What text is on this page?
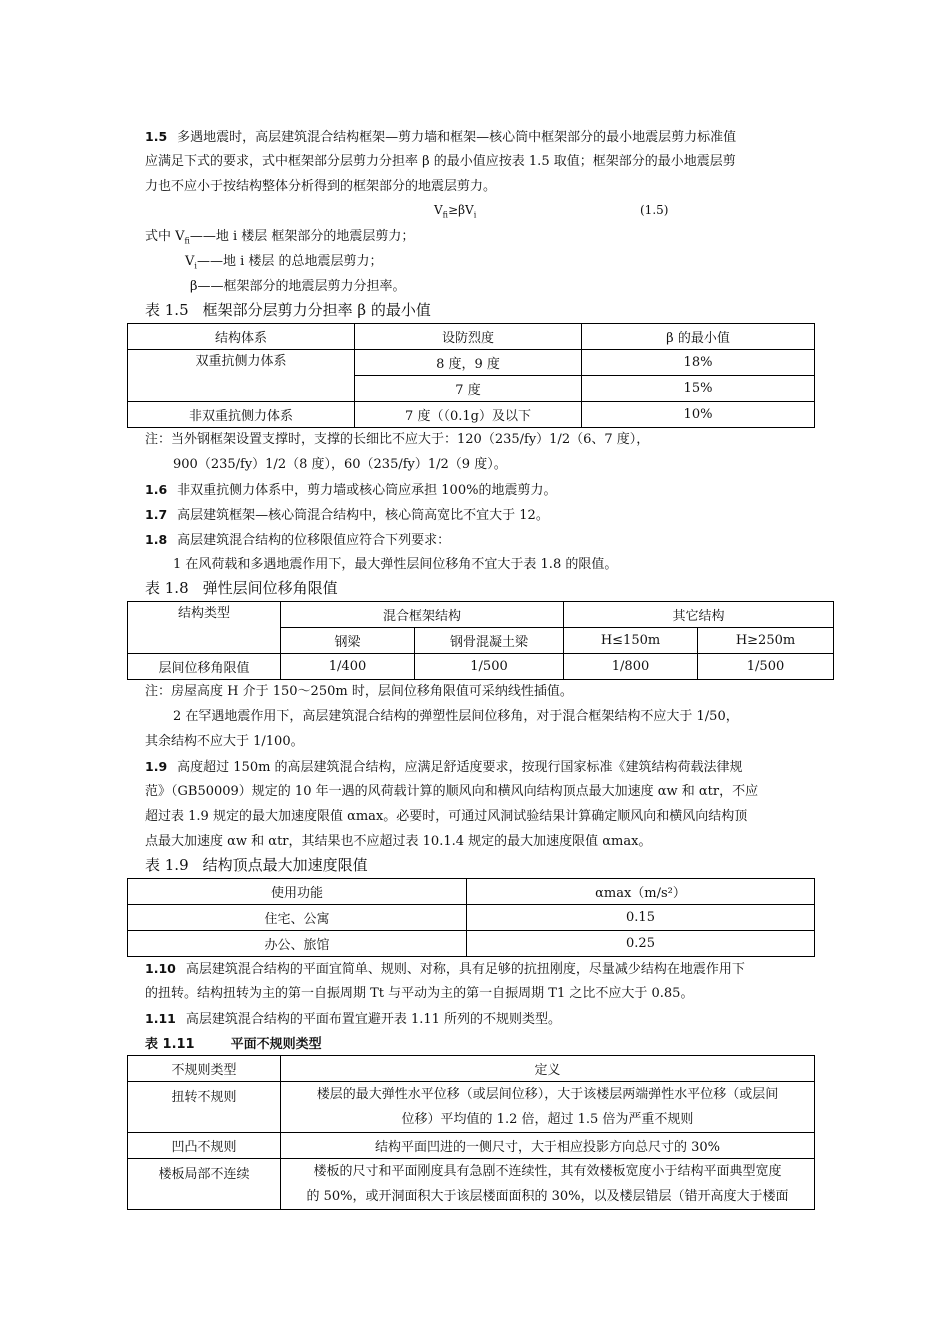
1.5 多遇地震时，高层建筑混合结构框架—剪力墙和框架—核心筒中框架部分的最小地震层剪力标准值
应满足下式的要求，式中框架部分层剪力分担率 β 的最小值应按表 1.5 取值；框架部分的最小地震层剪
力也不应小于按结构整体分析得到的框架部分的地震层剪力。
$V_{fi}\ge\beta V_i$	(1.5)
式中 $V_{fi}——$地 i 楼层 框架部分的地震层剪力；
$V_i——$地 i 楼层 的总地震层剪力；
β——框架部分的地震层剪力分担率。
表 1.5 框架部分层剪力分担率 β 的最小值
结构体系	设防烈度	β 的最小值
双重抗侧力体系	8 度，9 度	18%
	7 度	15%
非双重抗侧力体系	7 度（（0.1g）及以下	10%
注：当外钢框架设置支撑时，支撑的长细比不应大于：120（235/fy）1/2（6、7 度），
900（235/fy）1/2（8 度），60（235/fy）1/2（9 度）。
1.6 非双重抗侧力体系中，剪力墙或核心筒应承担 100%的地震剪力。
1.7 高层建筑框架—核心筒混合结构中，核心筒高宽比不宜大于 12。
1.8 高层建筑混合结构的位移限值应符合下列要求：
1 在风荷载和多遇地震作用下，最大弹性层间位移角不宜大于表 1.8 的限值。
表 1.8 弹性层间位移角限值
结构类型	混合框架结构		其它结构	
	钢梁	钢骨混凝土梁	H≤150m	H≥250m
层间位移角限值	1/400	1/500	1/800	1/500
注：房屋高度 H 介于 150～250m 时，层间位移角限值可采纳线性插值。
2 在罕遇地震作用下，高层建筑混合结构的弹塑性层间位移角，对于混合框架结构不应大于 1/50，
其余结构不应大于 1/100。
1.9 高度超过 150m 的高层建筑混合结构，应满足舒适度要求，按现行国家标准《建筑结构荷载法律规
范》（GB50009）规定的 10 年一遇的风荷载计算的顺风向和横风向结构顶点最大加速度 αw 和 αtr，不应
超过表 1.9 规定的最大加速度限值 αmax。必要时，可通过风洞试验结果计算确定顺风向和横风向结构顶
点最大加速度 αw 和 αtr，其结果也不应超过表 10.1.4 规定的最大加速度限值 αmax。
表 1.9 结构顶点最大加速度限值
使用功能	αmax（m/s²）
住宅、公寓	0.15
办公、旅馆	0.25
1.10 高层建筑混合结构的平面宜简单、规则、对称，具有足够的抗扭刚度，尽量减少结构在地震作用下
的扭转。结构扭转为主的第一自振周期 Tt 与平动为主的第一自振周期 T1 之比不应大于 0.85。
1.11 高层建筑混合结构的平面布置宜避开表 1.11 所列的不规则类型。
表 1.11	平面不规则类型
不规则类型	定义
扭转不规则	楼层的最大弹性水平位移（或层间位移），大于该楼层两端弹性水平位移（或层间
位移）平均值的 1.2 倍，超过 1.5 倍为严重不规则

凹凸不规则	结构平面凹进的一侧尺寸，大于相应投影方向总尺寸的 30%
楼板局部不连续	楼板的尺寸和平面刚度具有急剧不连续性，其有效楼板宽度小于结构平面典型宽度
的 50%，或开洞面积大于该层楼面面积的 30%，以及楼层错层（错开高度大于楼面
